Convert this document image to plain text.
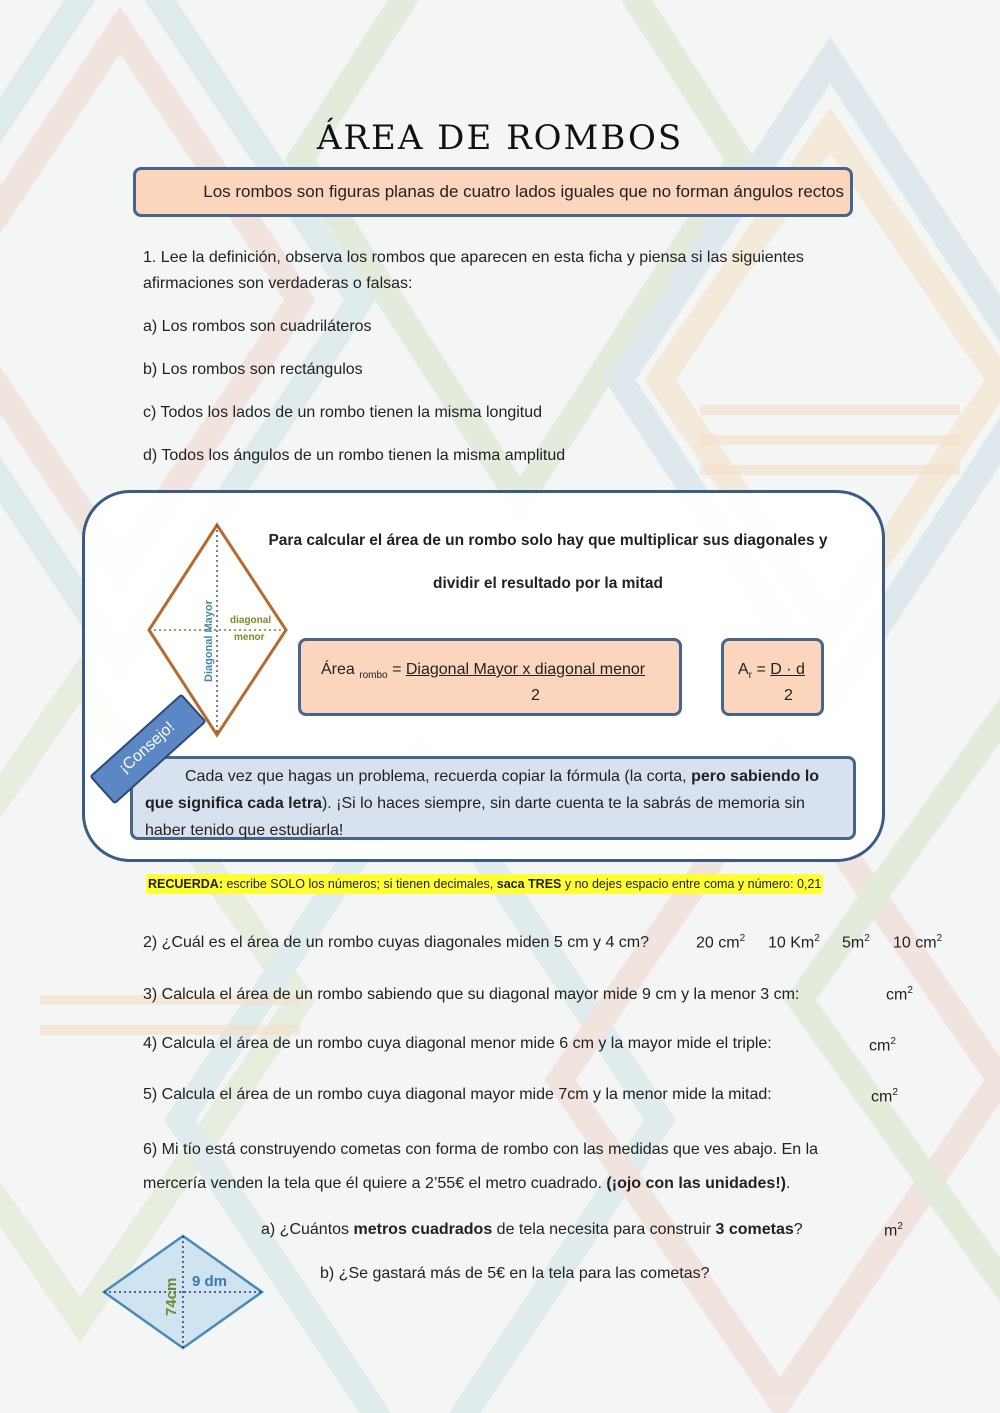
ÁREA DE ROMBOS
Los rombos son figuras planas de cuatro lados iguales que no forman ángulos rectos
1. Lee la definición, observa los rombos que aparecen en esta ficha y piensa si las siguientes
afirmaciones son verdaderas o falsas:
a) Los rombos son cuadriláteros
b) Los rombos son rectángulos
c) Todos los lados de un rombo tienen la misma longitud
d) Todos los ángulos de un rombo tienen la misma amplitud
Diagonal Mayor diagonal
menor
Para calcular el área de un rombo solo hay que multiplicar sus diagonales y
dividir el resultado por la mitad
Área $_{rombo}$ = Diagonal Mayor x diagonal menor
2
$A_r = D \cdot d$
2
Cada vez que hagas un problema, recuerda copiar la fórmula (la corta, pero sabiendo lo que significa cada letra). ¡Si lo haces siempre, sin darte cuenta te la sabrás de memoria sin haber tenido que estudiarla!
¡Consejo!
RECUERDA: escribe SOLO los números; si tienen decimales, saca TRES y no dejes espacio entre coma y número: 0,21
2) ¿Cuál es el área de un rombo cuyas diagonales miden 5 cm y 4 cm?	20 $cm^2$ 10 Km$^2$ $5m^2$ 10 $cm^2$
3) Calcula el área de un rombo sabiendo que su diagonal mayor mide 9 cm y la menor 3 cm:	$cm^2$
4) Calcula el área de un rombo cuya diagonal menor mide 6 cm y la mayor mide el triple:	$cm^2$
5) Calcula el área de un rombo cuya diagonal mayor mide 7cm y la menor mide la mitad:	$cm^2$
6) Mi tío está construyendo cometas con forma de rombo con las medidas que ves abajo. En la
mercería venden la tela que él quiere a 2’55€ el metro cuadrado. (¡ojo con las unidades!).
a) ¿Cuántos metros cuadrados de tela necesita para construir 3 cometas?	$m^2$
b) ¿Se gastará más de 5€ en la tela para las cometas?
74cm 9 dm
